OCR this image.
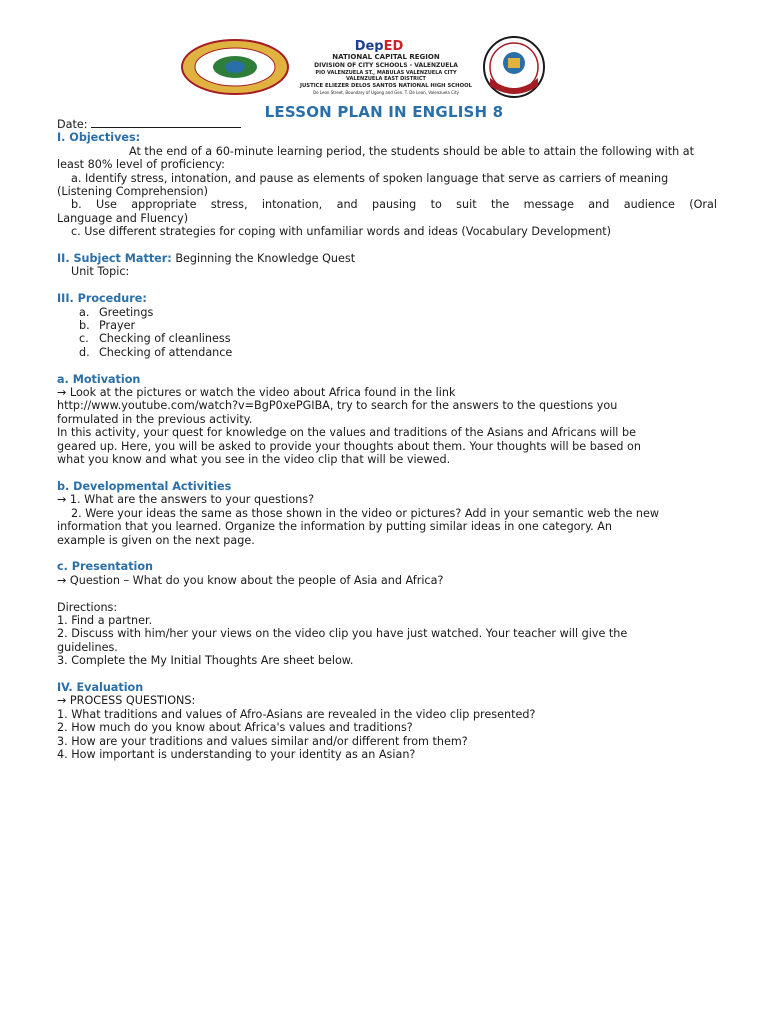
DepED
NATIONAL CAPITAL REGION
DIVISION OF CITY SCHOOLS - VALENZUELA
PIO VALENZUELA ST., MABULAS VALENZUELA CITY
VALENZUELA EAST DISTRICT
JUSTICE ELIEZER DELOS SANTOS NATIONAL HIGH SCHOOL
De Leon Street, Boundary of Ugong and Gen. T. De Leon, Valenzuela City
LESSON PLAN IN ENGLISH 8

Date:

I. Objectives:

At the end of a 60-minute learning period, the students should be able to attain the following with at

least 80% level of proficiency:

a. Identify stress, intonation, and pause as elements of spoken language that serve as carriers of meaning

(Listening Comprehension)

b. Use appropriate stress, intonation, and pausing to suit the message and audience (Oral

Language and Fluency)

c. Use different strategies for coping with unfamiliar words and ideas (Vocabulary Development)

II. Subject Matter: Beginning the Knowledge Quest

Unit Topic:

III. Procedure:

a. Greetings
b. Prayer
c. Checking of cleanliness
d. Checking of attendance

a. Motivation

→ Look at the pictures or watch the video about Africa found in the link

http://www.youtube.com/watch?v=BgP0xePGIBA, try to search for the answers to the questions you

formulated in the previous activity.

In this activity, your quest for knowledge on the values and traditions of the Asians and Africans will be

geared up. Here, you will be asked to provide your thoughts about them. Your thoughts will be based on

what you know and what you see in the video clip that will be viewed.

b. Developmental Activities

→ 1. What are the answers to your questions?

2. Were your ideas the same as those shown in the video or pictures? Add in your semantic web the new

information that you learned. Organize the information by putting similar ideas in one category. An

example is given on the next page.

c. Presentation

→ Question – What do you know about the people of Asia and Africa?

Directions:

1. Find a partner.

2. Discuss with him/her your views on the video clip you have just watched. Your teacher will give the

guidelines.

3. Complete the My Initial Thoughts Are sheet below.

IV. Evaluation

→ PROCESS QUESTIONS:

1. What traditions and values of Afro-Asians are revealed in the video clip presented?

2. How much do you know about Africa's values and traditions?

3. How are your traditions and values similar and/or different from them?

4. How important is understanding to your identity as an Asian?
